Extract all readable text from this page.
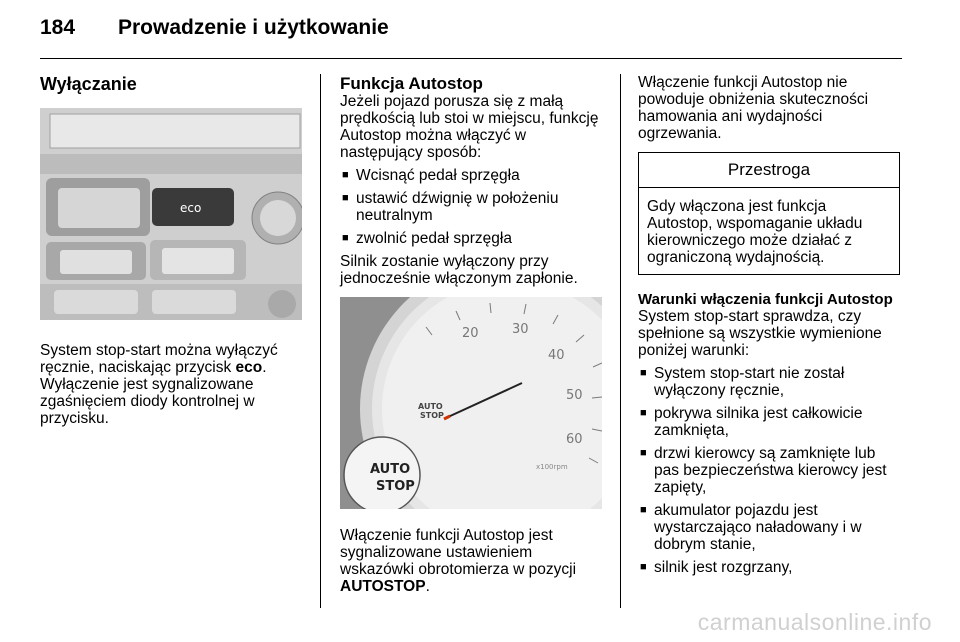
184 Prowadzenie i użytkowanie
Wyłączanie
eco

System stop-start można wyłączyć ręcznie, naciskając przycisk eco. Wyłączenie jest sygnalizowane zgaśnięciem diody kontrolnej w przycisku.

Funkcja Autostop

Jeżeli pojazd porusza się z małą prędkością lub stoi w miejscu, funkcję Autostop można włączyć w następujący sposób:

■ Wcisnąć pedał sprzęgła
■ ustawić dźwignię w położeniu neutralnym
■ zwolnić pedał sprzęgła

Silnik zostanie wyłączony przy jednocześnie włączonym zapłonie.

20	30
40
50
60
x100rpm
AUTO
STOP
AUTO
STOP

Włączenie funkcji Autostop jest sygnalizowane ustawieniem wskazówki obrotomierza w pozycji AUTOSTOP.

Włączenie funkcji Autostop nie powoduje obniżenia skuteczności hamowania ani wydajności ogrzewania.

Przestroga
Gdy włączona jest funkcja Autostop, wspomaganie układu kierowniczego może działać z ograniczoną wydajnością.
Warunki włączenia funkcji Autostop

System stop-start sprawdza, czy spełnione są wszystkie wymienione poniżej warunki:

■ System stop-start nie został wyłączony ręcznie,
■ pokrywa silnika jest całkowicie zamknięta,
■ drzwi kierowcy są zamknięte lub pas bezpieczeństwa kierowcy jest zapięty,
■ akumulator pojazdu jest wystarczająco naładowany i w dobrym stanie,
■ silnik jest rozgrzany,
carmanualsonline.info
